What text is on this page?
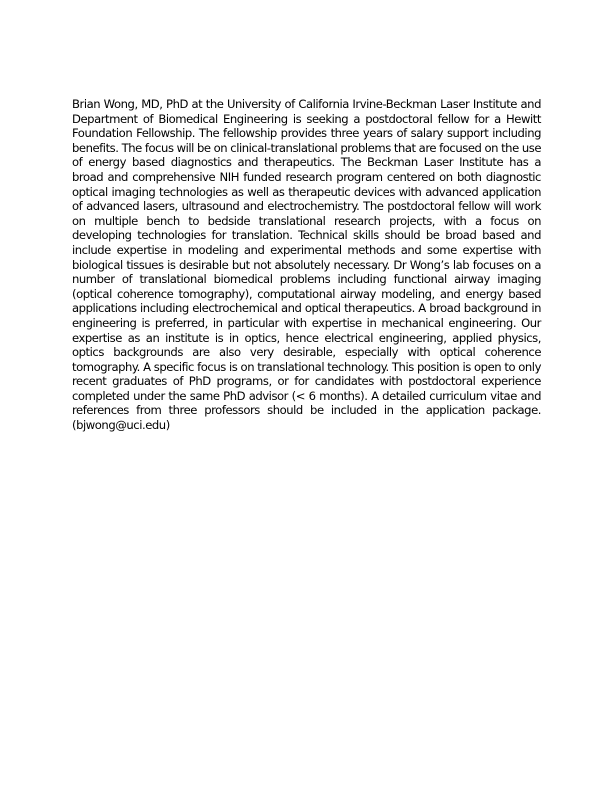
Brian Wong, MD, PhD at the University of California Irvine-Beckman Laser Institute and Department of Biomedical Engineering is seeking a postdoctoral fellow for a Hewitt Foundation Fellowship. The fellowship provides three years of salary support including benefits. The focus will be on clinical-translational problems that are focused on the use of energy based diagnostics and therapeutics. The Beckman Laser Institute has a broad and comprehensive NIH funded research program centered on both diagnostic optical imaging technologies as well as therapeutic devices with advanced application of advanced lasers, ultrasound and electrochemistry. The postdoctoral fellow will work on multiple bench to bedside translational research projects, with a focus on developing technologies for translation. Technical skills should be broad based and include expertise in modeling and experimental methods and some expertise with biological tissues is desirable but not absolutely necessary. Dr Wong’s lab focuses on a number of translational biomedical problems including functional airway imaging (optical coherence tomography), computational airway modeling, and energy based applications including electrochemical and optical therapeutics. A broad background in engineering is preferred, in particular with expertise in mechanical engineering. Our expertise as an institute is in optics, hence electrical engineering, applied physics, optics backgrounds are also very desirable, especially with optical coherence tomography. A specific focus is on translational technology. This position is open to only recent graduates of PhD programs, or for candidates with postdoctoral experience completed under the same PhD advisor (< 6 months). A detailed curriculum vitae and references from three professors should be included in the application package. (bjwong@uci.edu)
